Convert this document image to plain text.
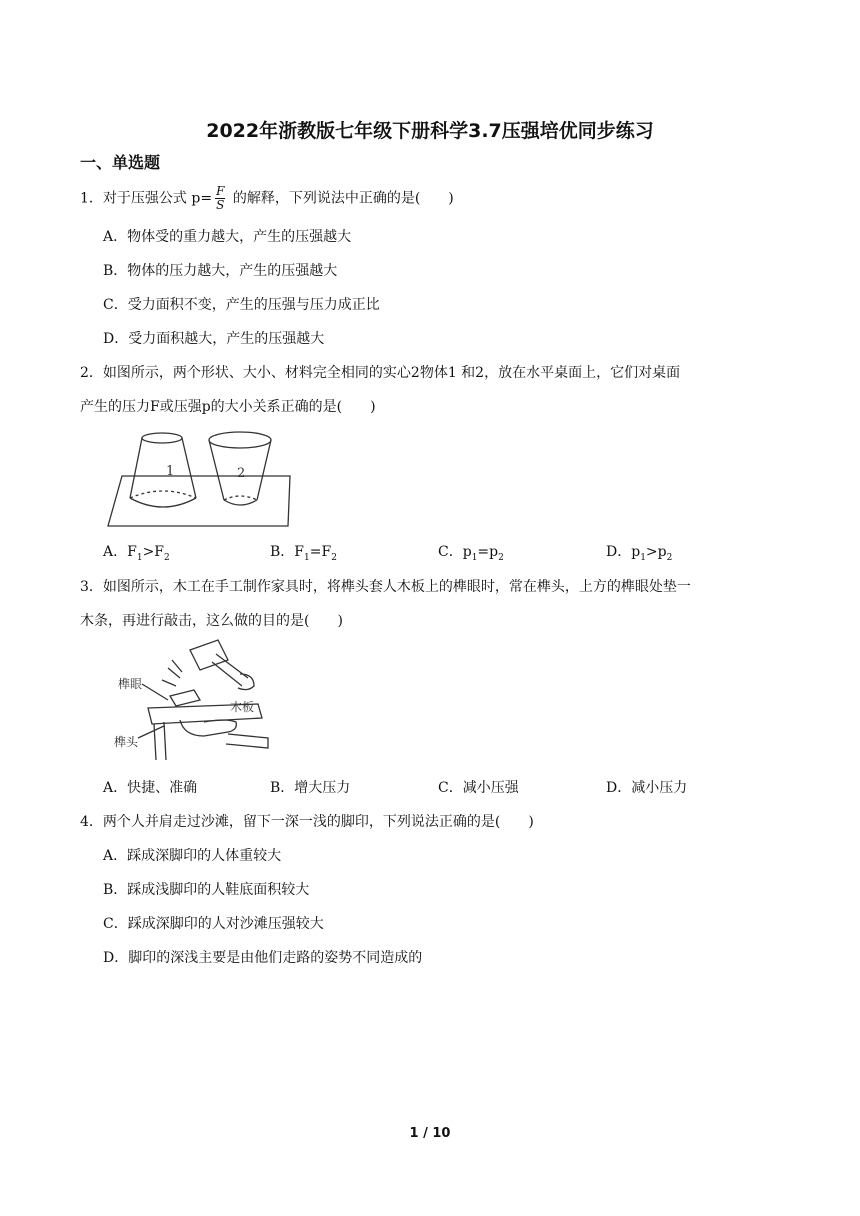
2022年浙教版七年级下册科学3.7压强培优同步练习
一、单选题
1．对于压强公式 $p= \frac{F}{S}$ 的解释，下列说法中正确的是(　　)
A．物体受的重力越大，产生的压强越大
B．物体的压力越大，产生的压强越大
C．受力面积不变，产生的压强与压力成正比
D．受力面积越大，产生的压强越大
2．如图所示，两个形状、大小、材料完全相同的实心2物体1 和2，放在水平桌面上，它们对桌面
产生的压力F或压强p的大小关系正确的是(　　)
1	2
A．$F_1>F_2$	B．$F_1=F_2$	C．$p_1=p_2$	D．$p_1>p_2$
3．如图所示，木工在手工制作家具时，将榫头套人木板上的榫眼时，常在榫头，上方的榫眼处垫一
木条，再进行敲击，这么做的目的是(　　)
榫眼
木板
榫头
A．快捷、准确	B．增大压力	C．减小压强	D．减小压力
4．两个人并肩走过沙滩，留下一深一浅的脚印，下列说法正确的是(　　)
A．踩成深脚印的人体重较大
B．踩成浅脚印的人鞋底面积较大
C．踩成深脚印的人对沙滩压强较大
D．脚印的深浅主要是由他们走路的姿势不同造成的
1 / 10
